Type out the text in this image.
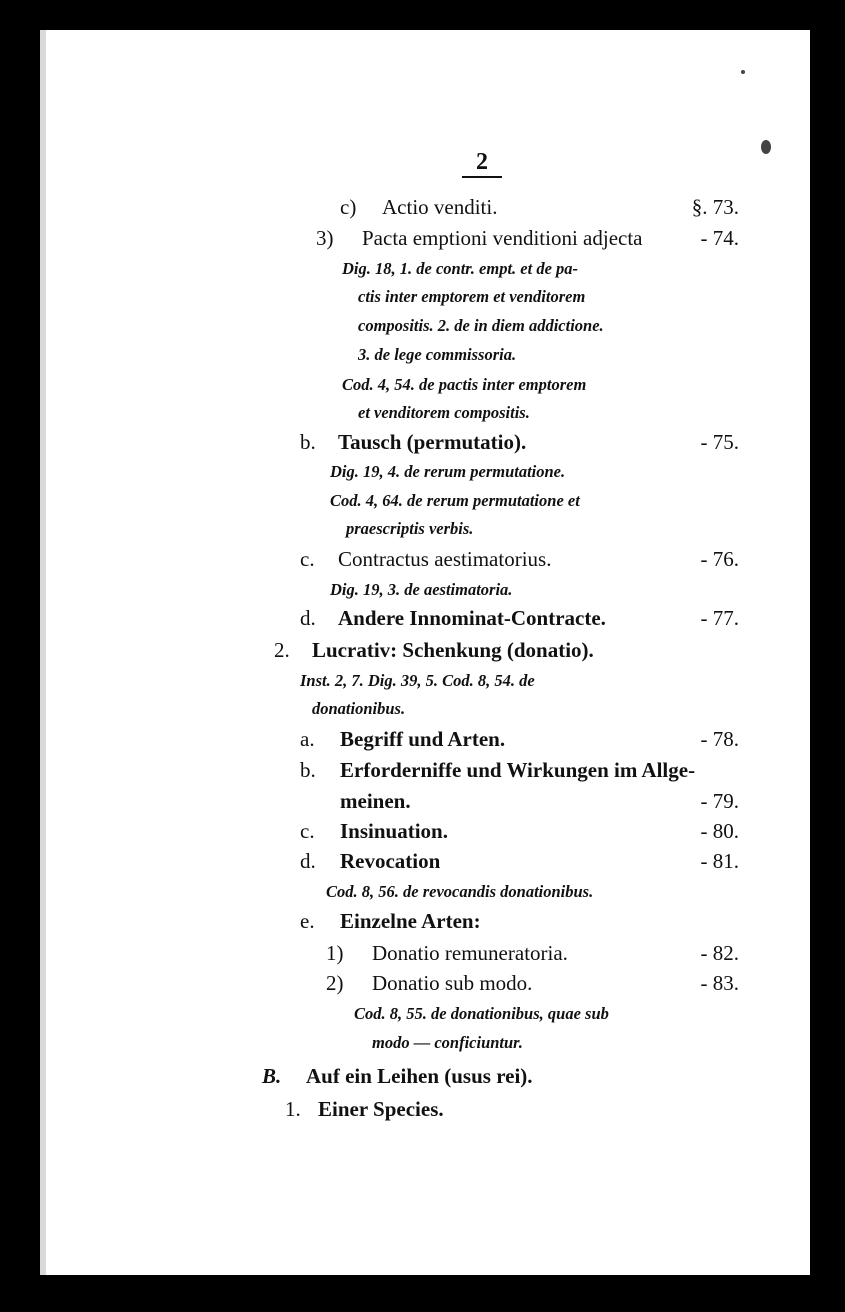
2
c) Actio venditi.	§. 73.
3) Pacta emptioni venditioni adjecta	- 74.
Dig. 18, 1. de contr. empt. et de pa-
ctis inter emptorem et venditorem
compositis. 2. de in diem addictione.
3. de lege commissoria.
Cod. 4, 54. de pactis inter emptorem
et venditorem compositis.
b. Tausch (permutatio).	- 75.
Dig. 19, 4. de rerum permutatione.
Cod. 4, 64. de rerum permutatione et
praescriptis verbis.
c. Contractus aestimatorius.	- 76.
Dig. 19, 3. de aestimatoria.
d. Andere Innominat-Contracte.	- 77.
2. Lucrativ: Schenkung (donatio).
Inst. 2, 7. Dig. 39, 5. Cod. 8, 54. de
donationibus.
a. Begriff und Arten.	- 78.
b. Erforderniffe und Wirkungen im Allge-
meinen.	- 79.
c. Insinuation.	- 80.
d. Revocation	- 81.
Cod. 8, 56. de revocandis donationibus.
e. Einzelne Arten:
1) Donatio remuneratoria.	- 82.
2) Donatio sub modo.	- 83.
Cod. 8, 55. de donationibus, quae sub
modo — conficiuntur.
B. Auf ein Leihen (usus rei).
1. Einer Species.
